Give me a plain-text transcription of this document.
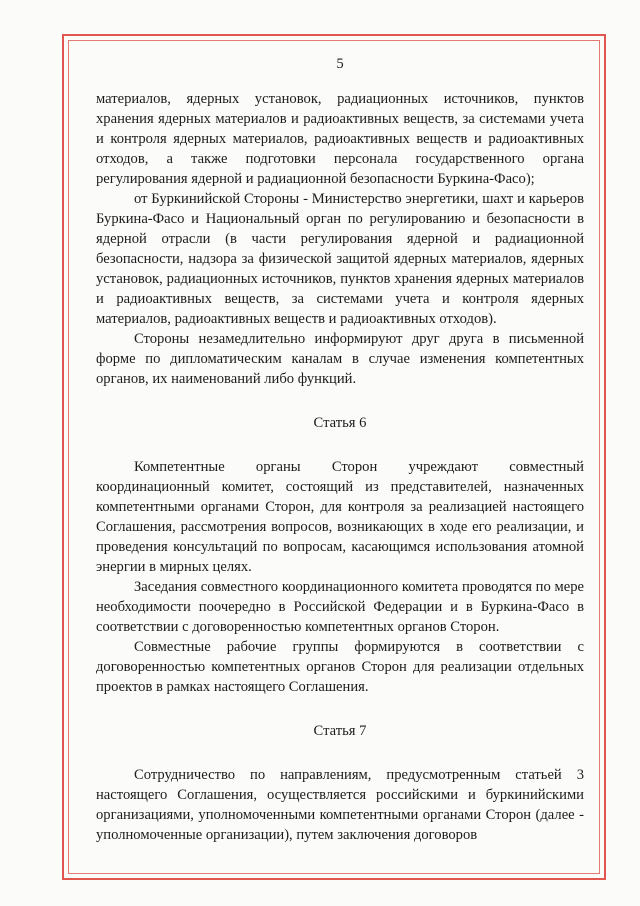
5

материалов, ядерных установок, радиационных источников, пунктов хранения ядерных материалов и радиоактивных веществ, за системами учета и контроля ядерных материалов, радиоактивных веществ и радиоактивных отходов, а также подготовки персонала государственного органа регулирования ядерной и радиационной безопасности Буркина-Фасо);

от Буркинийской Стороны - Министерство энергетики, шахт и карьеров Буркина-Фасо и Национальный орган по регулированию и безопасности в ядерной отрасли (в части регулирования ядерной и радиационной безопасности, надзора за физической защитой ядерных материалов, ядерных установок, радиационных источников, пунктов хранения ядерных материалов и радиоактивных веществ, за системами учета и контроля ядерных материалов, радиоактивных веществ и радиоактивных отходов).

Стороны незамедлительно информируют друг друга в письменной форме по дипломатическим каналам в случае изменения компетентных органов, их наименований либо функций.

Статья 6

Компетентные органы Сторон учреждают совместный координационный комитет, состоящий из представителей, назначенных компетентными органами Сторон, для контроля за реализацией настоящего Соглашения, рассмотрения вопросов, возникающих в ходе его реализации, и проведения консультаций по вопросам, касающимся использования атомной энергии в мирных целях.

Заседания совместного координационного комитета проводятся по мере необходимости поочередно в Российской Федерации и в Буркина-Фасо в соответствии с договоренностью компетентных органов Сторон.

Совместные рабочие группы формируются в соответствии с договоренностью компетентных органов Сторон для реализации отдельных проектов в рамках настоящего Соглашения.

Статья 7

Сотрудничество по направлениям, предусмотренным статьей 3 настоящего Соглашения, осуществляется российскими и буркинийскими организациями, уполномоченными компетентными органами Сторон (далее - уполномоченные организации), путем заключения договоров
